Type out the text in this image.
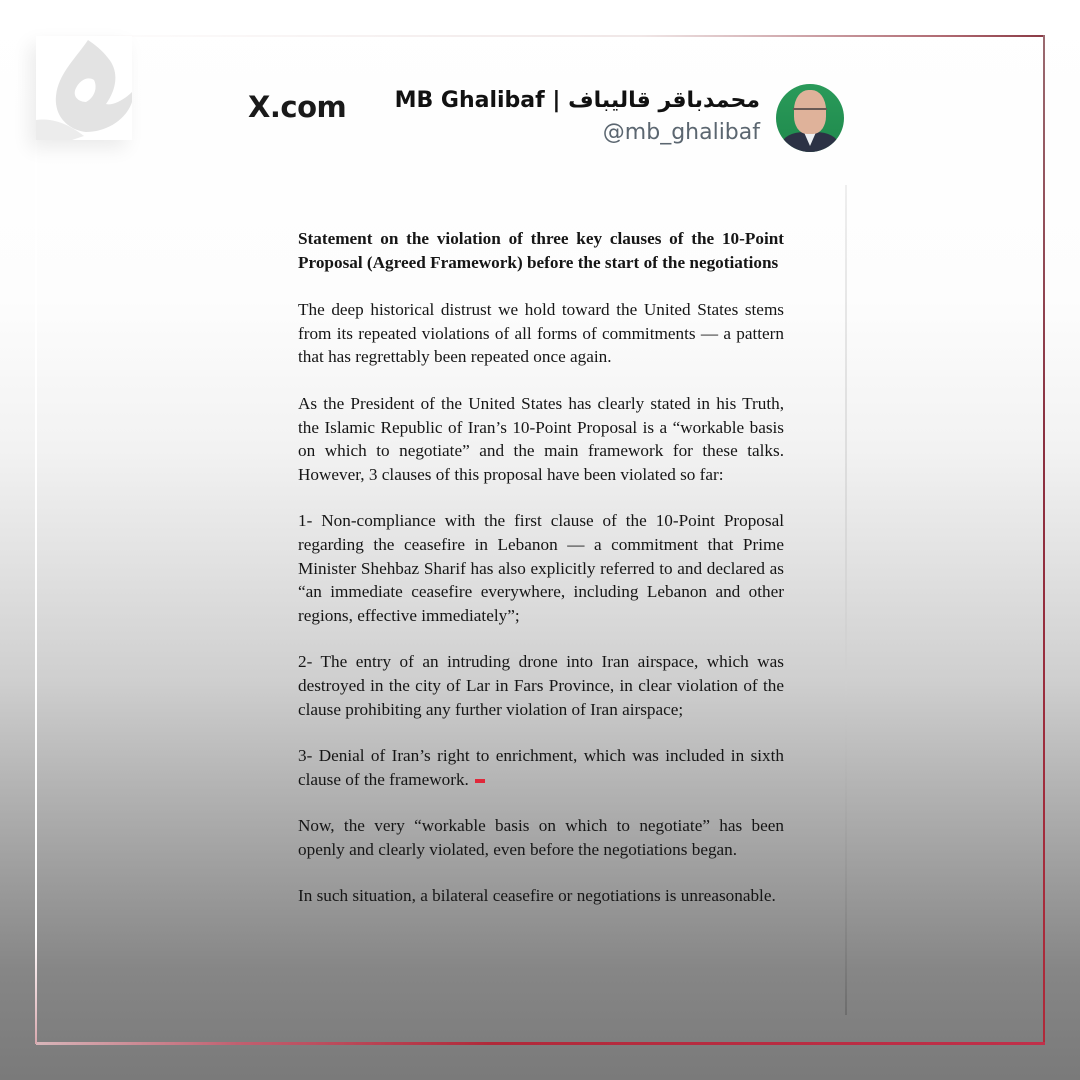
X.com MB Ghalibaf | محمدباقر قالیباف
@mb_ghalibaf

Statement on the violation of three key clauses of the 10-Point Proposal (Agreed Framework) before the start of the negotiations

The deep historical distrust we hold toward the United States stems from its repeated violations of all forms of commitments — a pattern that has regrettably been repeated once again.

As the President of the United States has clearly stated in his Truth, the Islamic Republic of Iran’s 10-Point Proposal is a “workable basis on which to negotiate” and the main framework for these talks. However, 3 clauses of this proposal have been violated so far:

1- Non-compliance with the first clause of the 10-Point Proposal regarding the ceasefire in Lebanon — a commitment that Prime Minister Shehbaz Sharif has also explicitly referred to and declared as “an immediate ceasefire everywhere, including Lebanon and other regions, effective immediately”;

2- The entry of an intruding drone into Iran airspace, which was destroyed in the city of Lar in Fars Province, in clear violation of the clause prohibiting any further violation of Iran airspace;

3- Denial of Iran’s right to enrichment, which was included in sixth clause of the framework.

Now, the very “workable basis on which to negotiate” has been openly and clearly violated, even before the negotiations began.

In such situation, a bilateral ceasefire or negotiations is unreasonable.
